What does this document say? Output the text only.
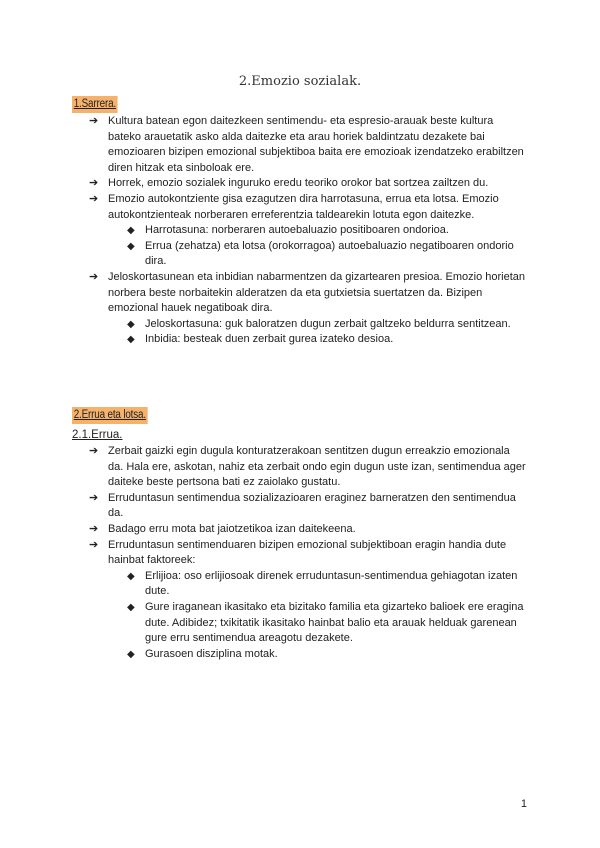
2.Emozio sozialak.
1.Sarrera.
➔ Kultura batean egon daitezkeen sentimendu- eta espresio-arauak beste kultura bateko arauetatik asko alda daitezke eta arau horiek baldintzatu dezakete bai emozioaren bizipen emozional subjektiboa baita ere emozioak izendatzeko erabiltzen diren hitzak eta sinboloak ere.
➔ Horrek, emozio sozialek inguruko eredu teoriko orokor bat sortzea zailtzen du.
➔ Emozio autokontziente gisa ezagutzen dira harrotasuna, errua eta lotsa. Emozio autokontzienteak norberaren erreferentzia taldearekin lotuta egon daitezke.
◆ Harrotasuna: norberaren autoebaluazio positiboaren ondorioa.
◆ Errua (zehatza) eta lotsa (orokorragoa) autoebaluazio negatiboaren ondorio dira.
➔ Jeloskortasunean eta inbidian nabarmentzen da gizartearen presioa. Emozio horietan norbera beste norbaitekin alderatzen da eta gutxietsia suertatzen da. Bizipen emozional hauek negatiboak dira.
◆ Jeloskortasuna: guk baloratzen dugun zerbait galtzeko beldurra sentitzean.
◆ Inbidia: besteak duen zerbait gurea izateko desioa.
2.Errua eta lotsa.
2.1.Errua.
➔ Zerbait gaizki egin dugula konturatzerakoan sentitzen dugun erreakzio emozionala da. Hala ere, askotan, nahiz eta zerbait ondo egin dugun uste izan, sentimendua ager daiteke beste pertsona bati ez zaiolako gustatu.
➔ Erruduntasun sentimendua sozializazioaren eraginez barneratzen den sentimendua da.
➔ Badago erru mota bat jaiotzetikoa izan daitekeena.
➔ Erruduntasun sentimenduaren bizipen emozional subjektiboan eragin handia dute hainbat faktoreek:
◆ Erlijioa: oso erlijiosoak direnek erruduntasun-sentimendua gehiagotan izaten dute.
◆ Gure iraganean ikasitako eta bizitako familia eta gizarteko balioek ere eragina dute. Adibidez; txikitatik ikasitako hainbat balio eta arauak helduak garenean gure erru sentimendua areagotu dezakete.
◆ Gurasoen disziplina motak.
1
